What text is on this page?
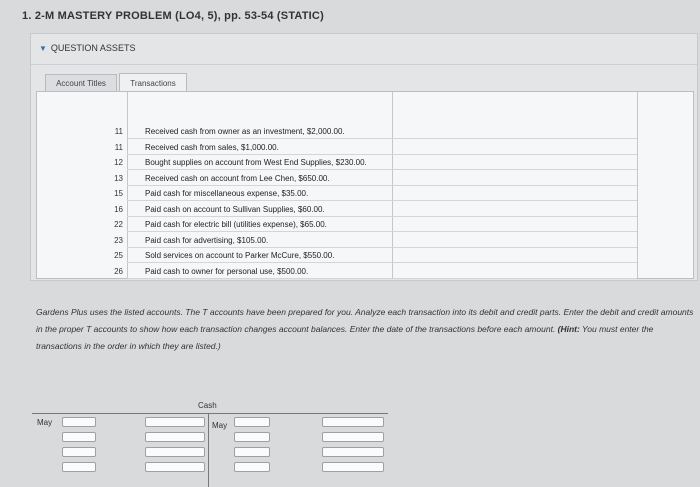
1. 2-M MASTERY PROBLEM (LO4, 5), pp. 53-54 (STATIC)
▼ QUESTION ASSETS
Account Titles	Transactions
11	Received cash from owner as an investment, $2,000.00.
11	Received cash from sales, $1,000.00.
12	Bought supplies on account from West End Supplies, $230.00.
13	Received cash on account from Lee Chen, $650.00.
15	Paid cash for miscellaneous expense, $35.00.
16	Paid cash on account to Sullivan Supplies, $60.00.
22	Paid cash for electric bill (utilities expense), $65.00.
23	Paid cash for advertising, $105.00.
25	Sold services on account to Parker McCure, $550.00.
26	Paid cash to owner for personal use, $500.00.
Gardens Plus uses the listed accounts. The T accounts have been prepared for you. Analyze each transaction into its debit and credit parts. Enter the debit and credit amounts in the proper T accounts to show how each transaction changes account balances. Enter the date of the transactions before each amount. (Hint: You must enter the transactions in the order in which they are listed.)
Cash
May	May
